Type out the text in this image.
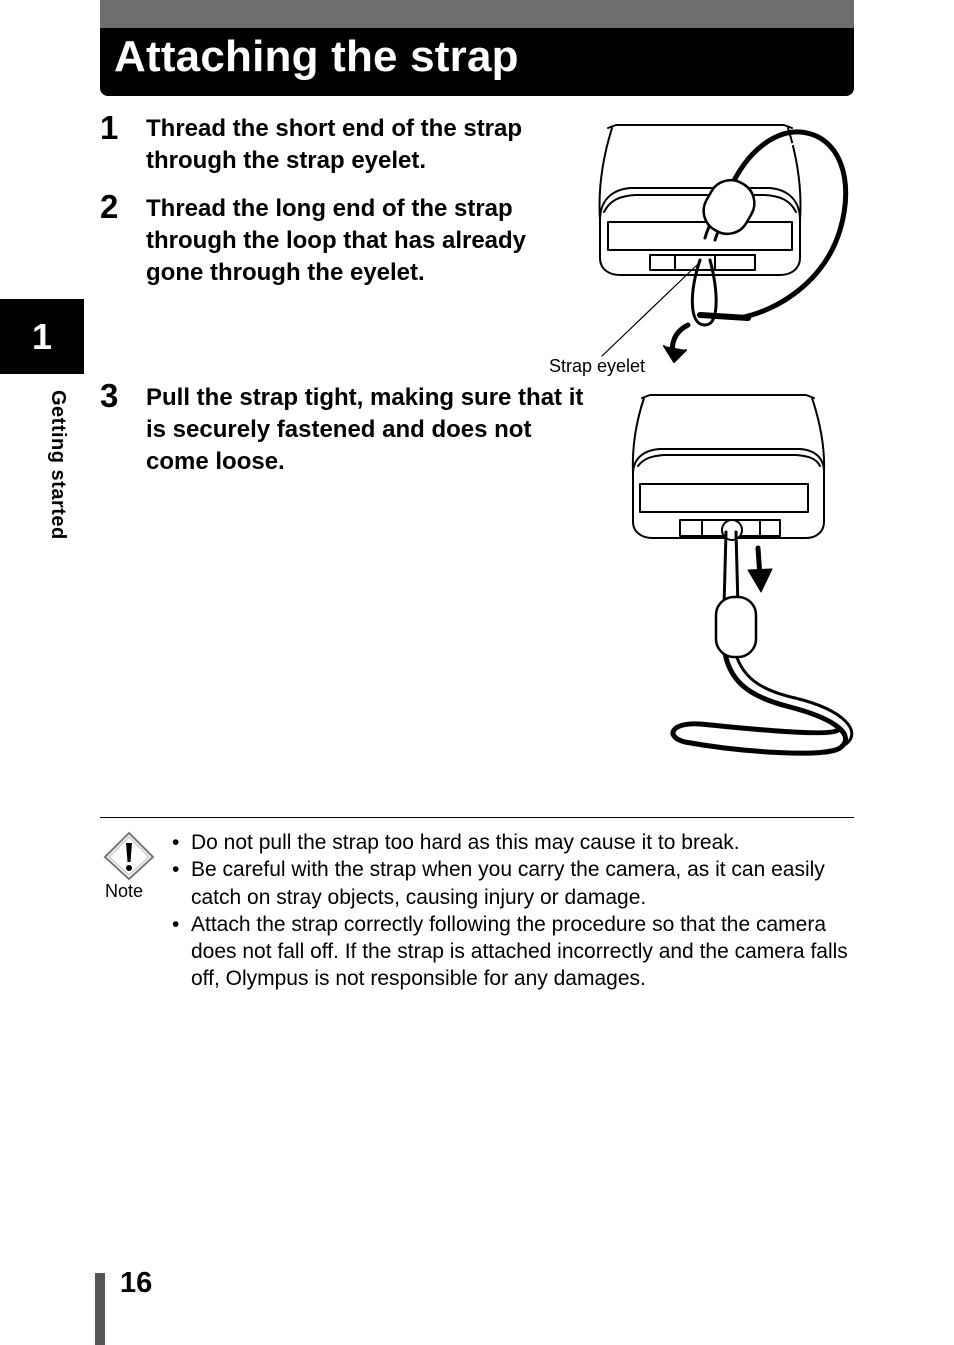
Attaching the strap
1
Getting started
1 Thread the short end of the strap through the strap eyelet.
2 Thread the long end of the strap through the loop that has already gone through the eyelet.
3 Pull the strap tight, making sure that it is securely fastened and does not come loose.
Strap eyelet
Note
• Do not pull the strap too hard as this may cause it to break.
• Be careful with the strap when you carry the camera, as it can easily catch on stray objects, causing injury or damage.
• Attach the strap correctly following the procedure so that the camera does not fall off. If the strap is attached incorrectly and the camera falls off, Olympus is not responsible for any damages.
16
